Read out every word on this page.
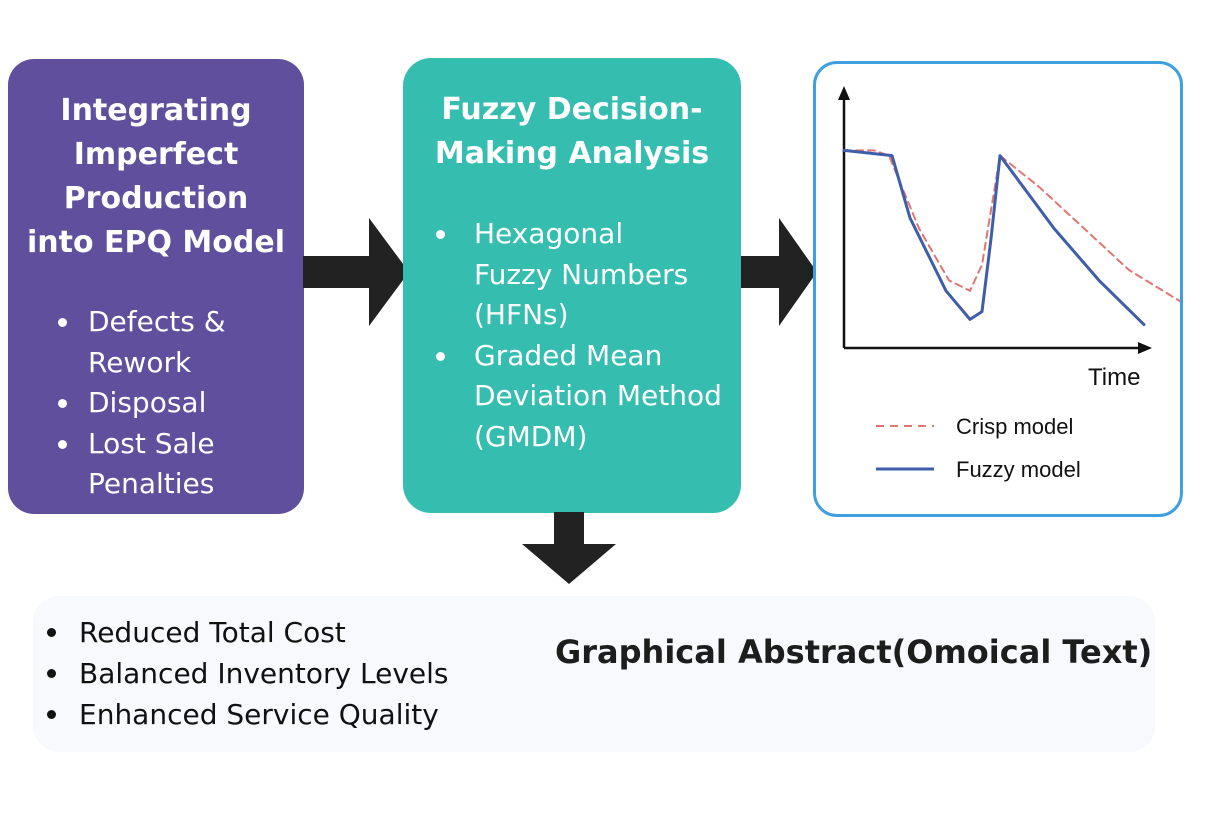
Integrating
Imperfect
Production
into EPQ Model
Defects &
Rework
Disposal
Lost Sale
Penalties
Fuzzy Decision-
Making Analysis
Hexagonal
Fuzzy Numbers
(HFNs)
Graded Mean
Deviation Method
(GMDM)
Time
Crisp model
Fuzzy model
Reduced Total Cost
Balanced Inventory Levels
Enhanced Service Quality
Graphical Abstract(Omoical Text)
